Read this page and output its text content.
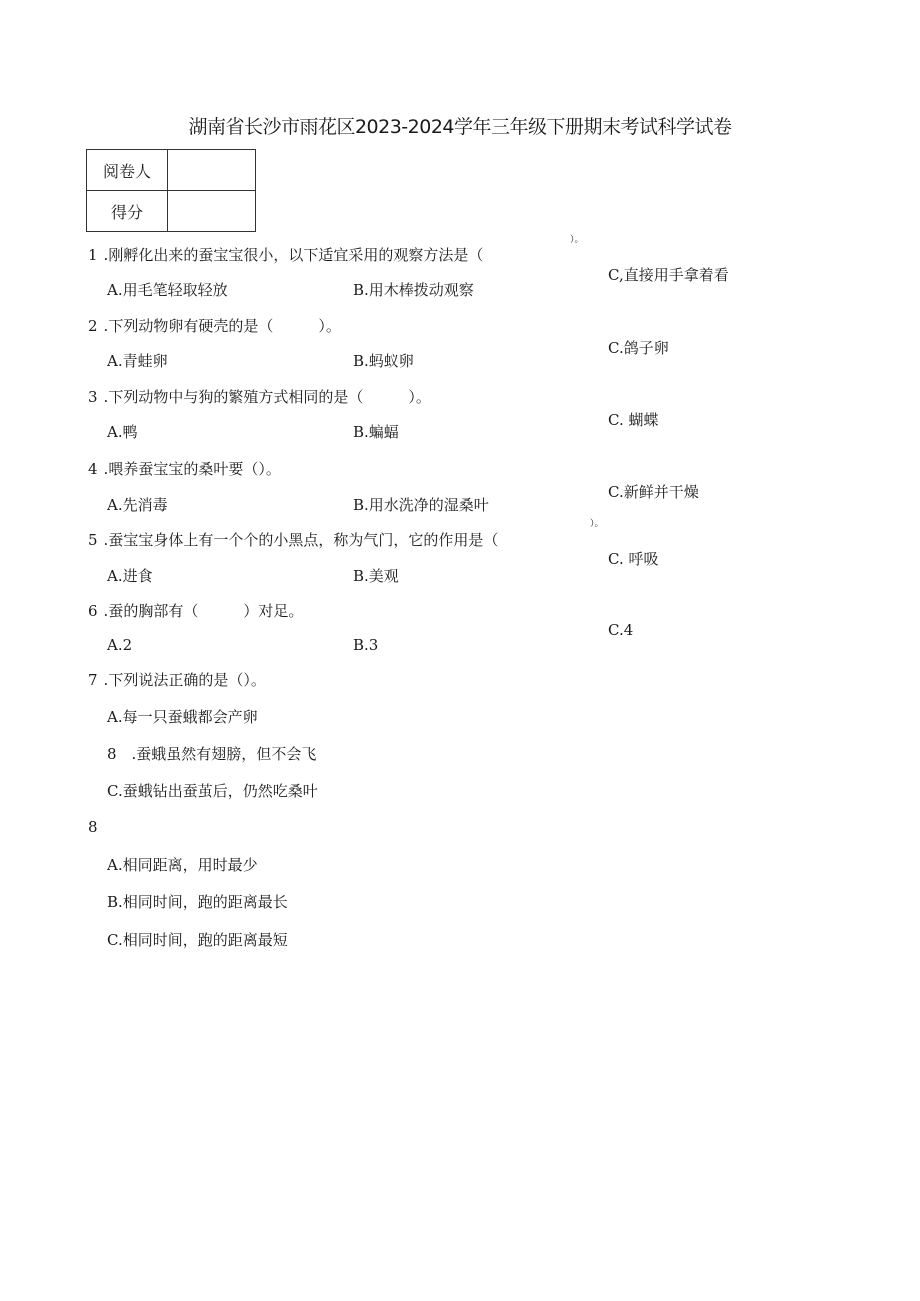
湖南省长沙市雨花区2023-2024学年三年级下册期末考试科学试卷
阅卷人	
得分	
1 .刚孵化出来的蚕宝宝很小，以下适宜采用的观察方法是（
）。
A.用毛笔轻取轻放	B.用木棒拨动观察
C,直接用手拿着看
2 .下列动物卵有硬壳的是（　　　）。
A.青蛙卵	B.蚂蚁卵
C.鸽子卵
3 .下列动物中与狗的繁殖方式相同的是（　　　）。
A.鸭	B.蝙蝠
C. 蝴蝶
4 .喂养蚕宝宝的桑叶要（）。
A.先消毒	B.用水洗净的湿桑叶
C.新鲜并干燥
5 .蚕宝宝身体上有一个个的小黑点，称为气门，它的作用是（
）。
A.进食	B.美观
C. 呼吸
6 .蚕的胸部有（　　　）对足。
A.2	B.3
C.4
7 .下列说法正确的是（）。
A.每一只蚕蛾都会产卵
8　.蚕蛾虽然有翅膀，但不会飞
C.蚕蛾钻出蚕茧后，仍然吃桑叶
8
A.相同距离，用时最少
B.相同时间，跑的距离最长
C.相同时间，跑的距离最短
